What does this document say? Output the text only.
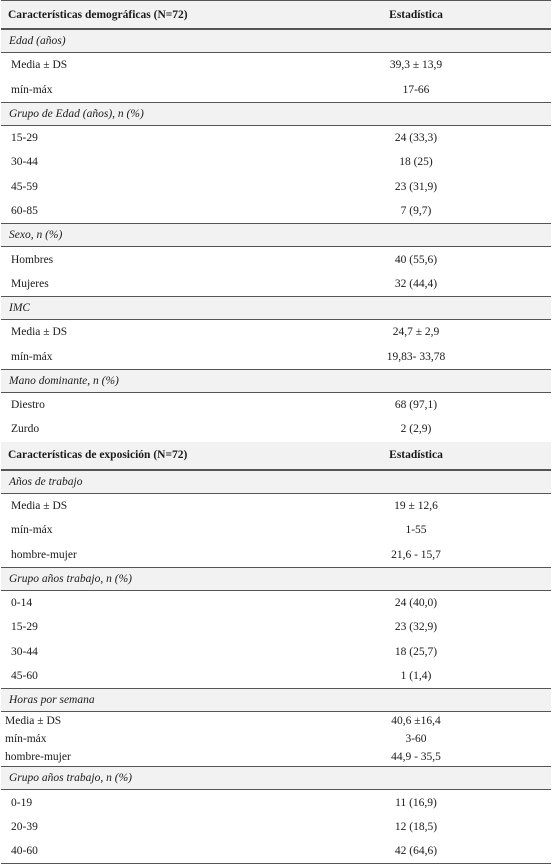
Características demográficas (N=72)	Estadística
Edad (años)
Media ± DS	39,3 ± 13,9
mín-máx	17-66
Grupo de Edad (años), n (%)
15-29	24 (33,3)
30-44	18 (25)
45-59	23 (31,9)
60-85	7 (9,7)
Sexo, n (%)
Hombres	40 (55,6)
Mujeres	32 (44,4)
IMC
Media ± DS	24,7 ± 2,9
mín-máx	19,83- 33,78
Mano dominante, n (%)
Diestro	68 (97,1)
Zurdo	2 (2,9)
Características de exposición (N=72)	Estadística
Años de trabajo
Media ± DS	19 ± 12,6
mín-máx	1-55
hombre-mujer	21,6 - 15,7
Grupo años trabajo, n (%)
0-14	24 (40,0)
15-29	23 (32,9)
30-44	18 (25,7)
45-60	1 (1,4)
Horas por semana
Media ± DS	40,6 ±16,4
mín-máx	3-60
hombre-mujer	44,9 - 35,5
Grupo años trabajo, n (%)
0-19	11 (16,9)
20-39	12 (18,5)
40-60	42 (64,6)
